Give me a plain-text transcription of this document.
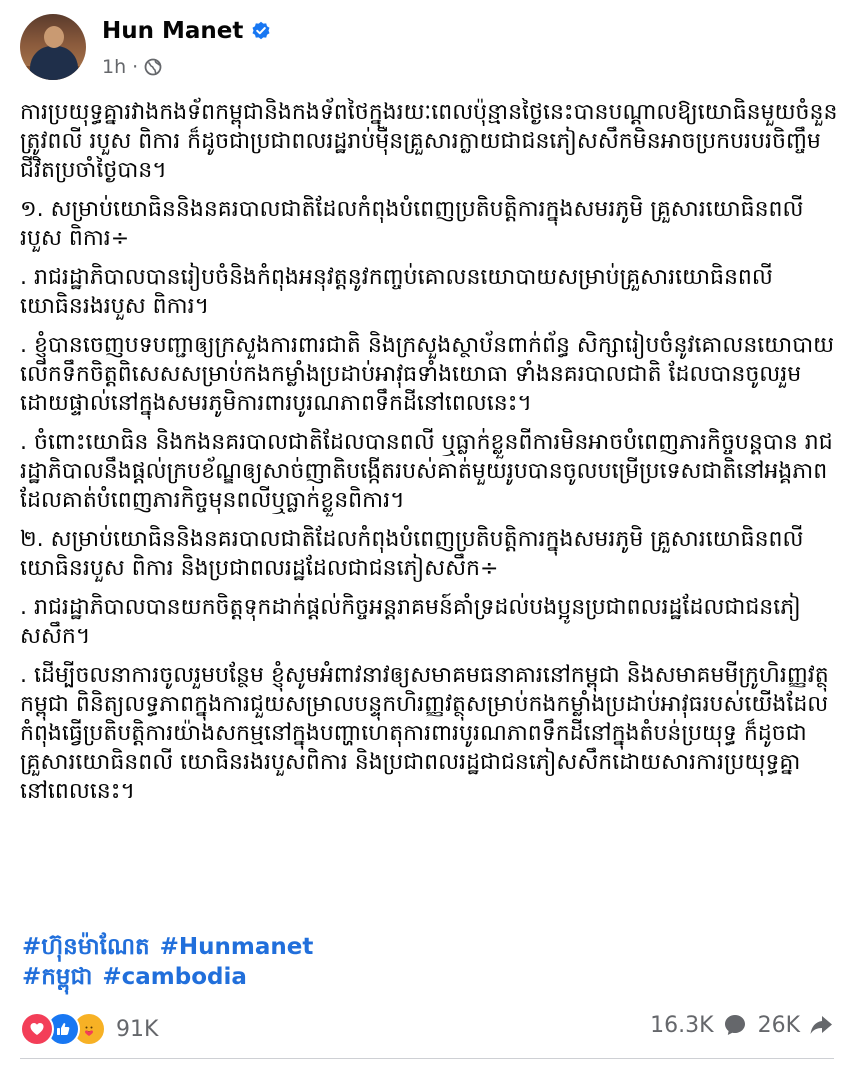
Hun Manet
1h ·

ការប្រយុទ្ធគ្នារវាងកងទ័ពកម្ពុជានិងកងទ័ពថៃក្នុងរយៈពេលប៉ុន្មានថ្ងៃនេះបានបណ្តាលឱ្យយោធិនមួយចំនួនត្រូវពលី របួស ពិការ ក៏ដូចជាប្រជាពលរដ្ឋរាប់ម៉ឺនគ្រួសារក្លាយជាជនភៀសសឹកមិនអាចប្រកបរបរចិញ្ចឹមជីវិតប្រចាំថ្ងៃបាន។

១. សម្រាប់យោធិននិងនគរបាលជាតិដែលកំពុងបំពេញប្រតិបត្តិការក្នុងសមរភូមិ គ្រួសារយោធិនពលី របួស ពិការ÷

. រាជរដ្ឋាភិបាលបានរៀបចំនិងកំពុងអនុវត្តនូវកញ្ចប់គោលនយោបាយសម្រាប់គ្រួសារយោធិនពលី យោធិនរងរបួស ពិការ។

. ខ្ញុំបានចេញបទបញ្ជាឲ្យក្រសួងការពារជាតិ និងក្រសួងស្ថាប័នពាក់ព័ន្ធ សិក្សារៀបចំនូវគោលនយោបាយលើកទឹកចិត្តពិសេសសម្រាប់កងកម្លាំងប្រដាប់អាវុធទាំងយោធា ទាំងនគរបាលជាតិ ដែលបានចូលរួមដោយផ្ទាល់នៅក្នុងសមរភូមិការពារបូរណភាពទឹកដីនៅពេលនេះ។

. ចំពោះយោធិន និងកងនគរបាលជាតិដែលបានពលី ឬធ្លាក់ខ្លួនពីការមិនអាចបំពេញភារកិច្ចបន្តបាន រាជរដ្ឋាភិបាលនឹងផ្តល់ក្របខ័ណ្ឌឲ្យសាច់ញាតិបង្កើតរបស់គាត់មួយរូបបានចូលបម្រើប្រទេសជាតិនៅអង្គភាពដែលគាត់បំពេញភារកិច្ចមុនពលីឬធ្លាក់ខ្លួនពិការ។

២. សម្រាប់យោធិននិងនគរបាលជាតិដែលកំពុងបំពេញប្រតិបត្តិការក្នុងសមរភូមិ គ្រួសារយោធិនពលី យោធិនរបួស ពិការ និងប្រជាពលរដ្ឋដែលជាជនភៀសសឹក÷

. រាជរដ្ឋាភិបាលបានយកចិត្តទុកដាក់ផ្តល់កិច្ចអន្តរាគមន៍គាំទ្រដល់បងប្អូនប្រជាពលរដ្ឋដែលជាជនភៀសសឹក។

. ដើម្បីចលនាការចូលរួមបន្ថែម ខ្ញុំសូមអំពាវនាវឲ្យសមាគមធនាគារនៅកម្ពុជា និងសមាគមមីក្រូហិរញ្ញវត្ថុកម្ពុជា ពិនិត្យលទ្ធភាពក្នុងការជួយសម្រាលបន្ទុកហិរញ្ញវត្ថុសម្រាប់កងកម្លាំងប្រដាប់អាវុធរបស់យើងដែលកំពុងធ្វើប្រតិបត្តិការយ៉ាងសកម្មនៅក្នុងបញ្ហាហេតុការពារបូរណភាពទឹកដីនៅក្នុងតំបន់ប្រយុទ្ធ ក៏ដូចជាគ្រួសារយោធិនពលី យោធិនរងរបួសពិការ និងប្រជាពលរដ្ឋជាជនភៀសសឹកដោយសារការប្រយុទ្ធគ្នានៅពេលនេះ។

#ហ៊ុនម៉ាណែត #Hunmanet
#កម្ពុជា #cambodia
91K	16.3K 26K
